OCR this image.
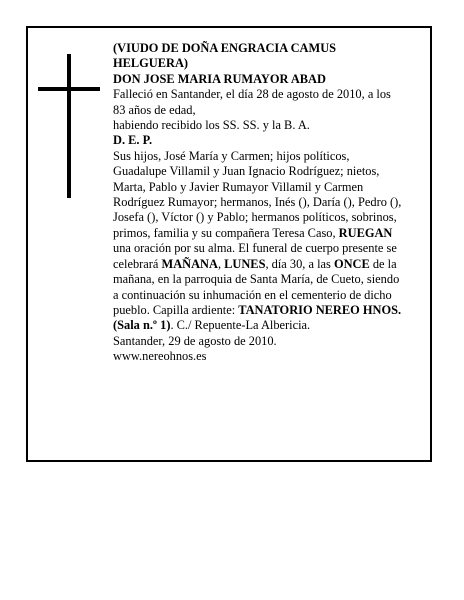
(VIUDO DE DOÑA ENGRACIA CAMUS HELGUERA)

DON JOSE MARIA RUMAYOR ABAD

Falleció en Santander, el día 28 de agosto de 2010, a los 83 años de edad,

habiendo recibido los SS. SS. y la B. A.

D. E. P.

Sus hijos, José María y Carmen; hijos políticos, Guadalupe Villamil y Juan Ignacio Rodríguez; nietos, Marta, Pablo y Javier Rumayor Villamil y Carmen Rodríguez Rumayor; hermanos, Inés (), Daría (), Pedro (), Josefa (), Víctor () y Pablo; hermanos políticos, sobrinos, primos, familia y su compañera Teresa Caso, RUEGAN una oración por su alma. El funeral de cuerpo presente se celebrará MAÑANA, LUNES, día 30, a las ONCE de la mañana, en la parroquia de Santa María, de Cueto, siendo a continuación su inhumación en el cementerio de dicho pueblo. Capilla ardiente: TANATORIO NEREO HNOS. (Sala n.º 1). C./ Repuente-La Albericia.

Santander, 29 de agosto de 2010.

www.nereohnos.es
